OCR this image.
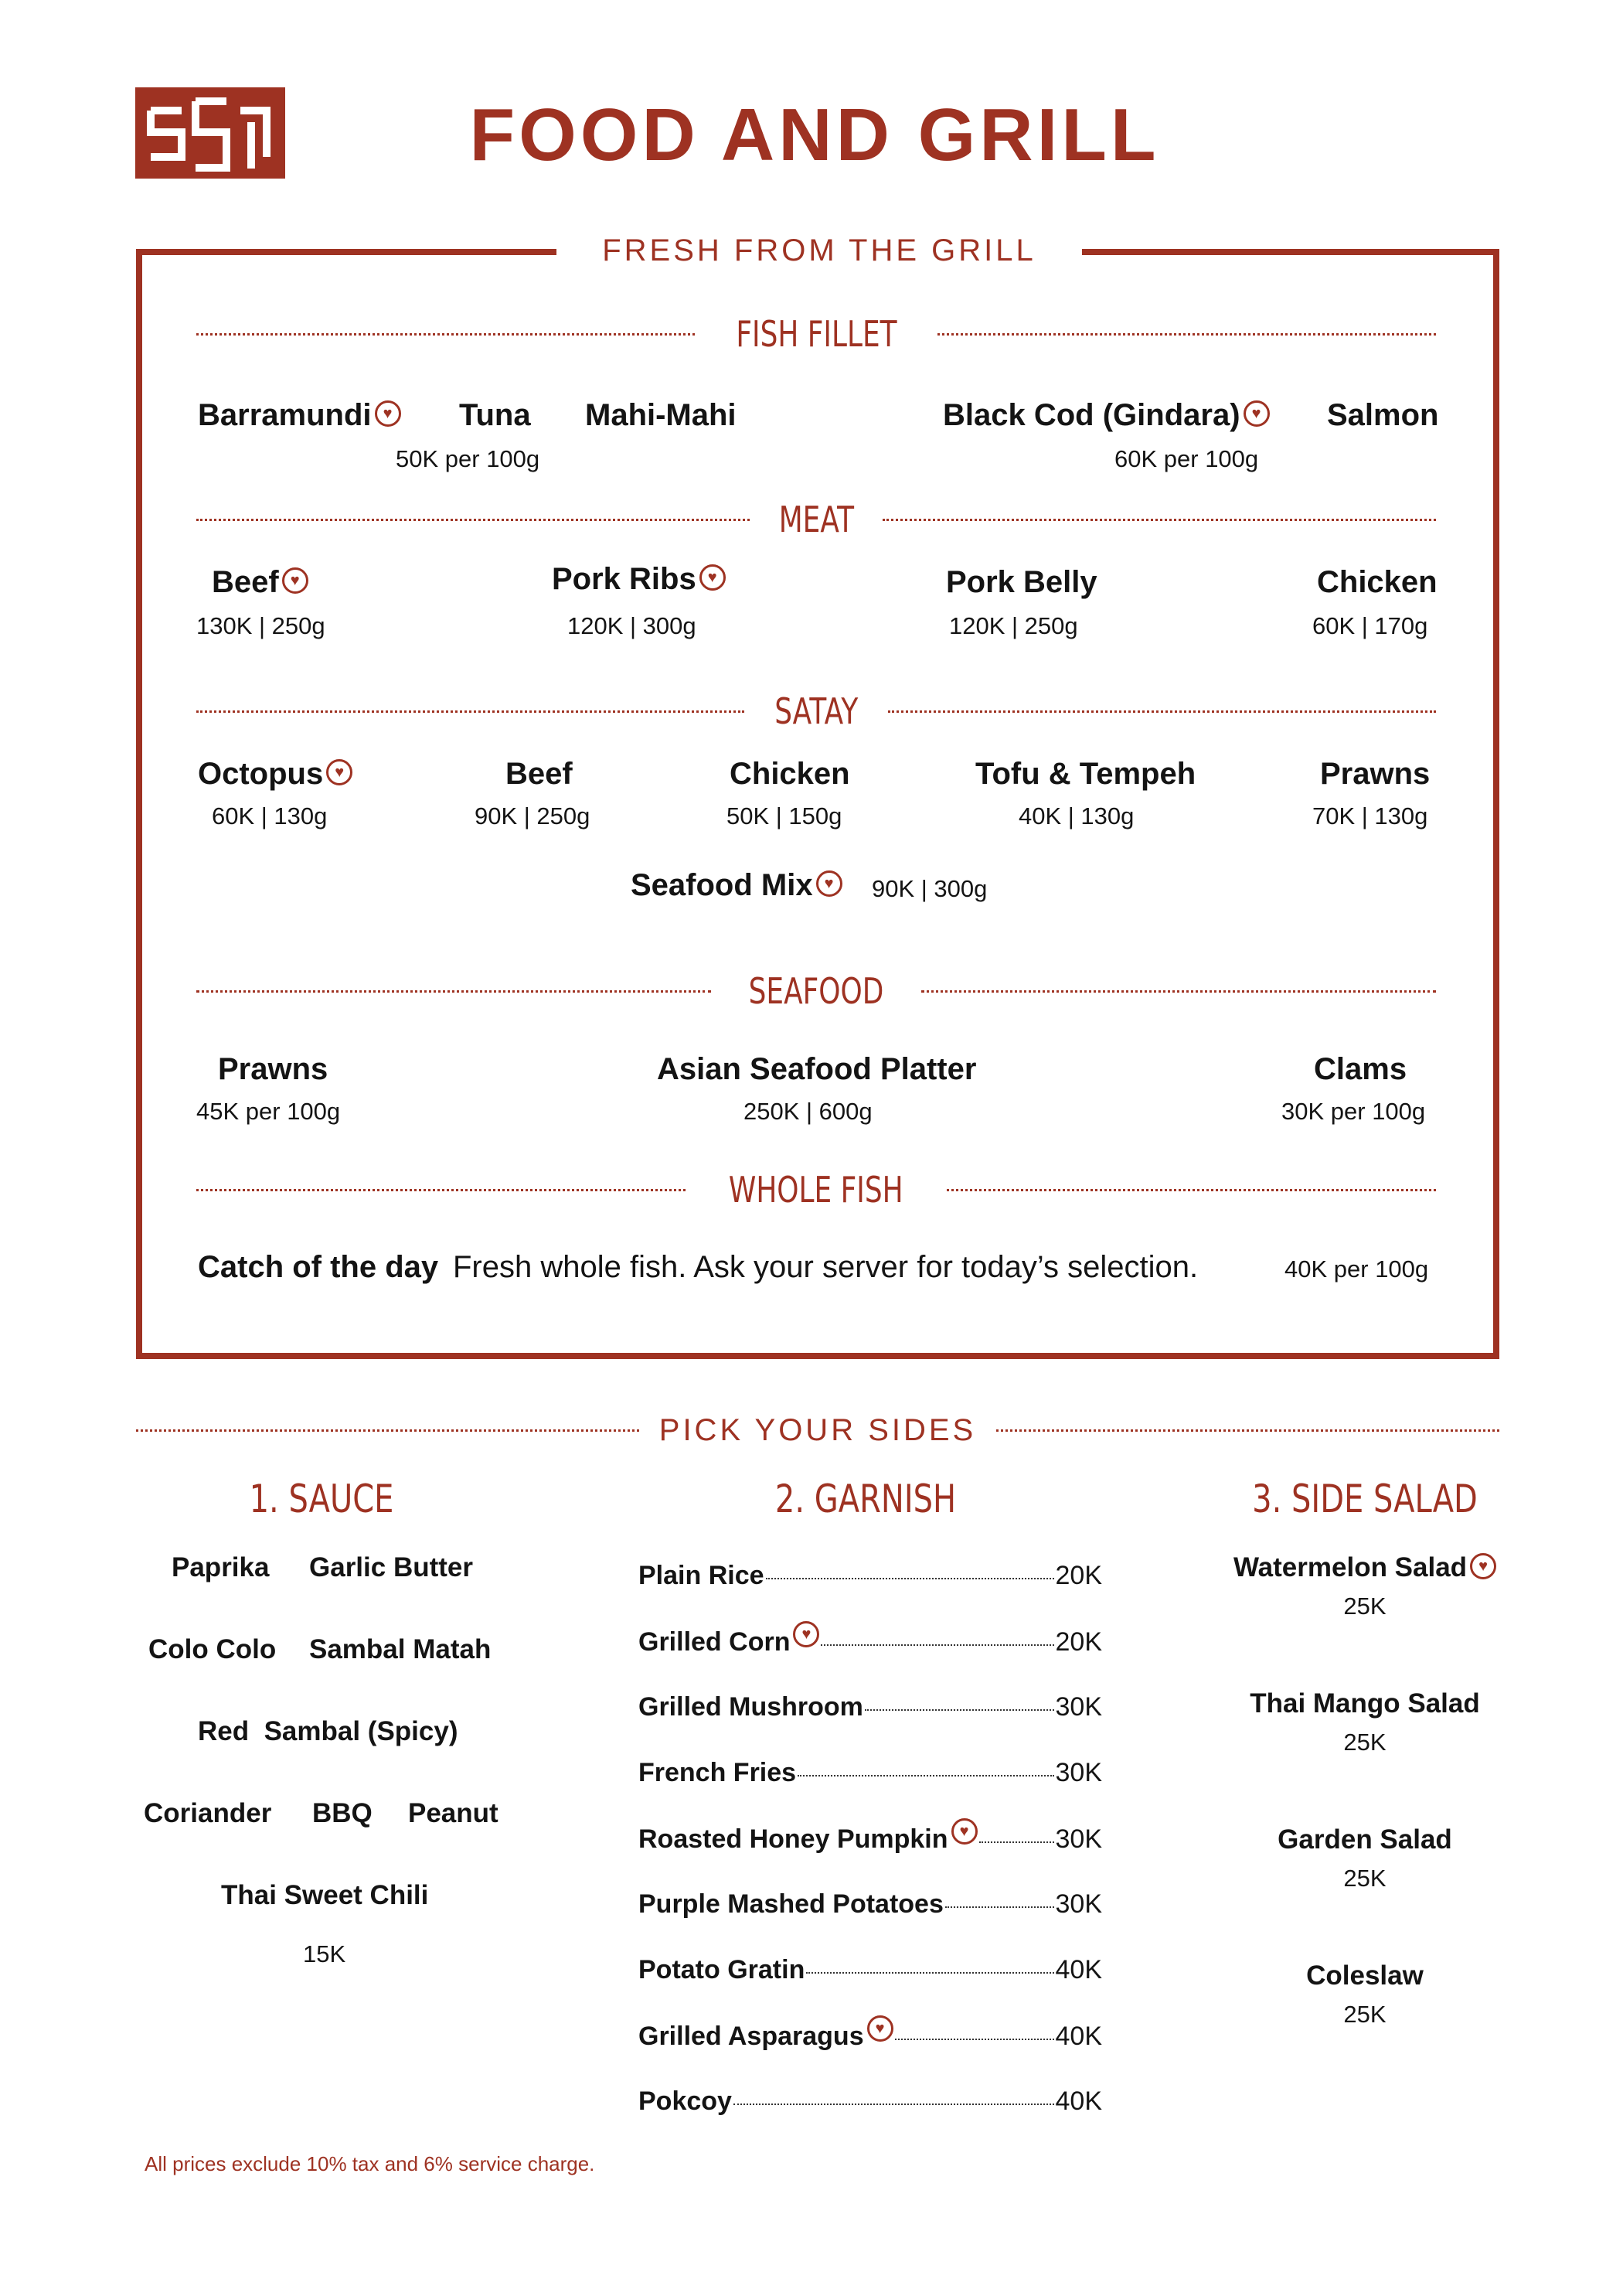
FOOD AND GRILL
FRESH FROM THE GRILL
FISH FILLET
Barramundi ♥	Tuna Mahi-Mahi
50K per 100g
Black Cod (Gindara) ♥	Salmon
60K per 100g
MEAT
Beef♥
130K | 250g
Pork Ribs♥
120K | 300g
Pork Belly
120K | 250g
Chicken
60K | 170g
SATAY
Octopus♥
60K | 130g
Beef
90K | 250g
Chicken
50K | 150g
Tofu & Tempeh
40K | 130g
Prawns
70K | 130g
Seafood Mix ♥	90K | 300g
SEAFOOD
Prawns
45K per 100g
Asian Seafood Platter
250K | 600g
Clams
30K per 100g
WHOLE FISH
Catch of the day Fresh whole fish. Ask your server for today’s selection.	40K per 100g
PICK YOUR SIDES
1. SAUCE
Paprika Garlic Butter
Colo Colo Sambal Matah
Red  Sambal (Spicy)
Coriander BBQ Peanut
Thai Sweet Chili
15K
2. GARNISH
Plain Rice	20K
Grilled Corn ♥	20K
Grilled Mushroom	30K
French Fries	30K
Roasted Honey Pumpkin ♥	30K
Purple Mashed Potatoes	30K
Potato Gratin	40K
Grilled Asparagus ♥	40K
Pokcoy	40K
3. SIDE SALAD
Watermelon Salad♥
25K
Thai Mango Salad
25K
Garden Salad
25K
Coleslaw
25K
All prices exclude 10% tax and 6% service charge.
